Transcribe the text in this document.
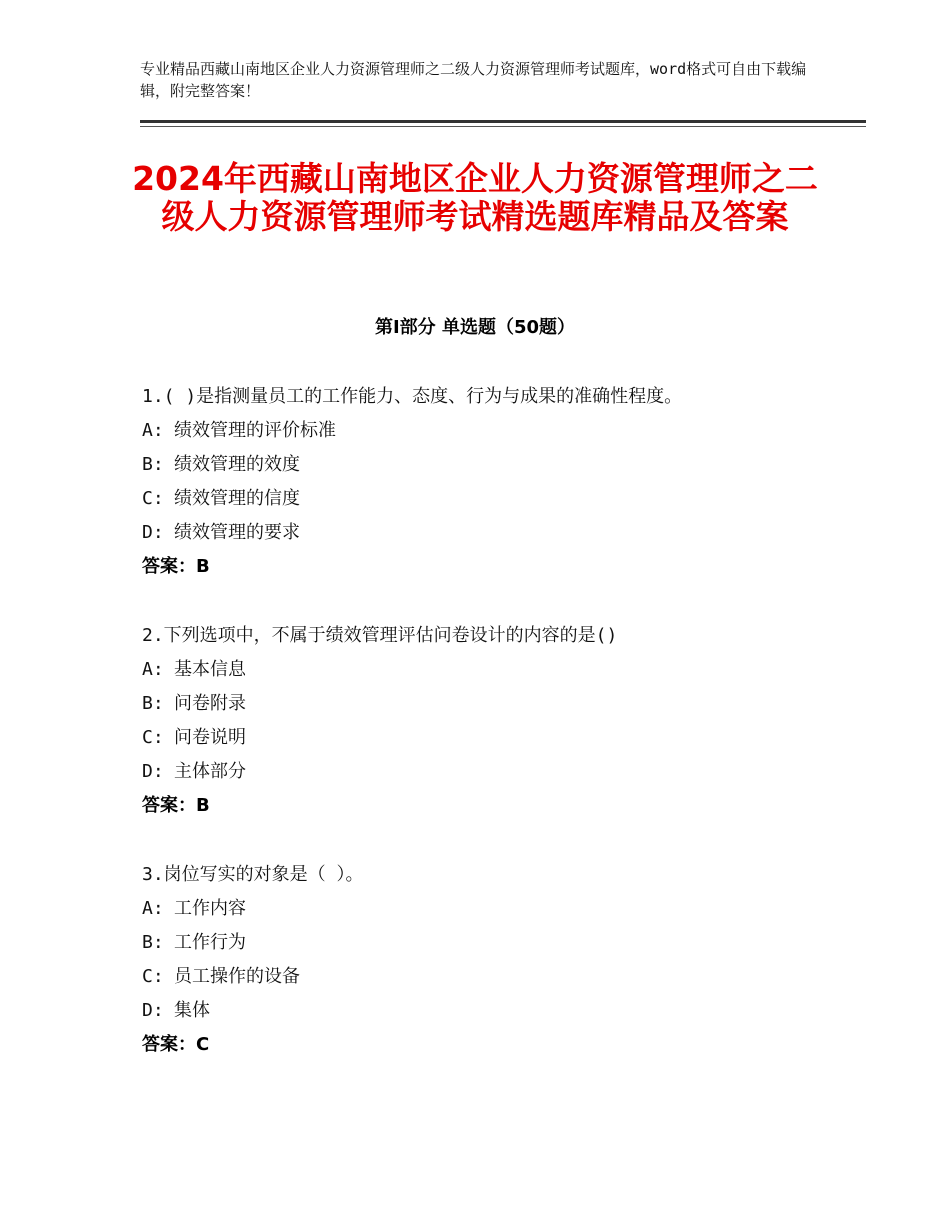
专业精品西藏山南地区企业人力资源管理师之二级人力资源管理师考试题库，word格式可自由下载编辑，附完整答案！
2024年西藏山南地区企业人力资源管理师之二级人力资源管理师考试精选题库精品及答案
第Ⅰ部分 单选题（50题）
1.( )是指测量员工的工作能力、态度、行为与成果的准确性程度。
A: 绩效管理的评价标准
B: 绩效管理的效度
C: 绩效管理的信度
D: 绩效管理的要求
答案：B
2.下列选项中，不属于绩效管理评估问卷设计的内容的是()
A: 基本信息
B: 问卷附录
C: 问卷说明
D: 主体部分
答案：B
3.岗位写实的对象是（ ）。
A: 工作内容
B: 工作行为
C: 员工操作的设备
D: 集体
答案：C
